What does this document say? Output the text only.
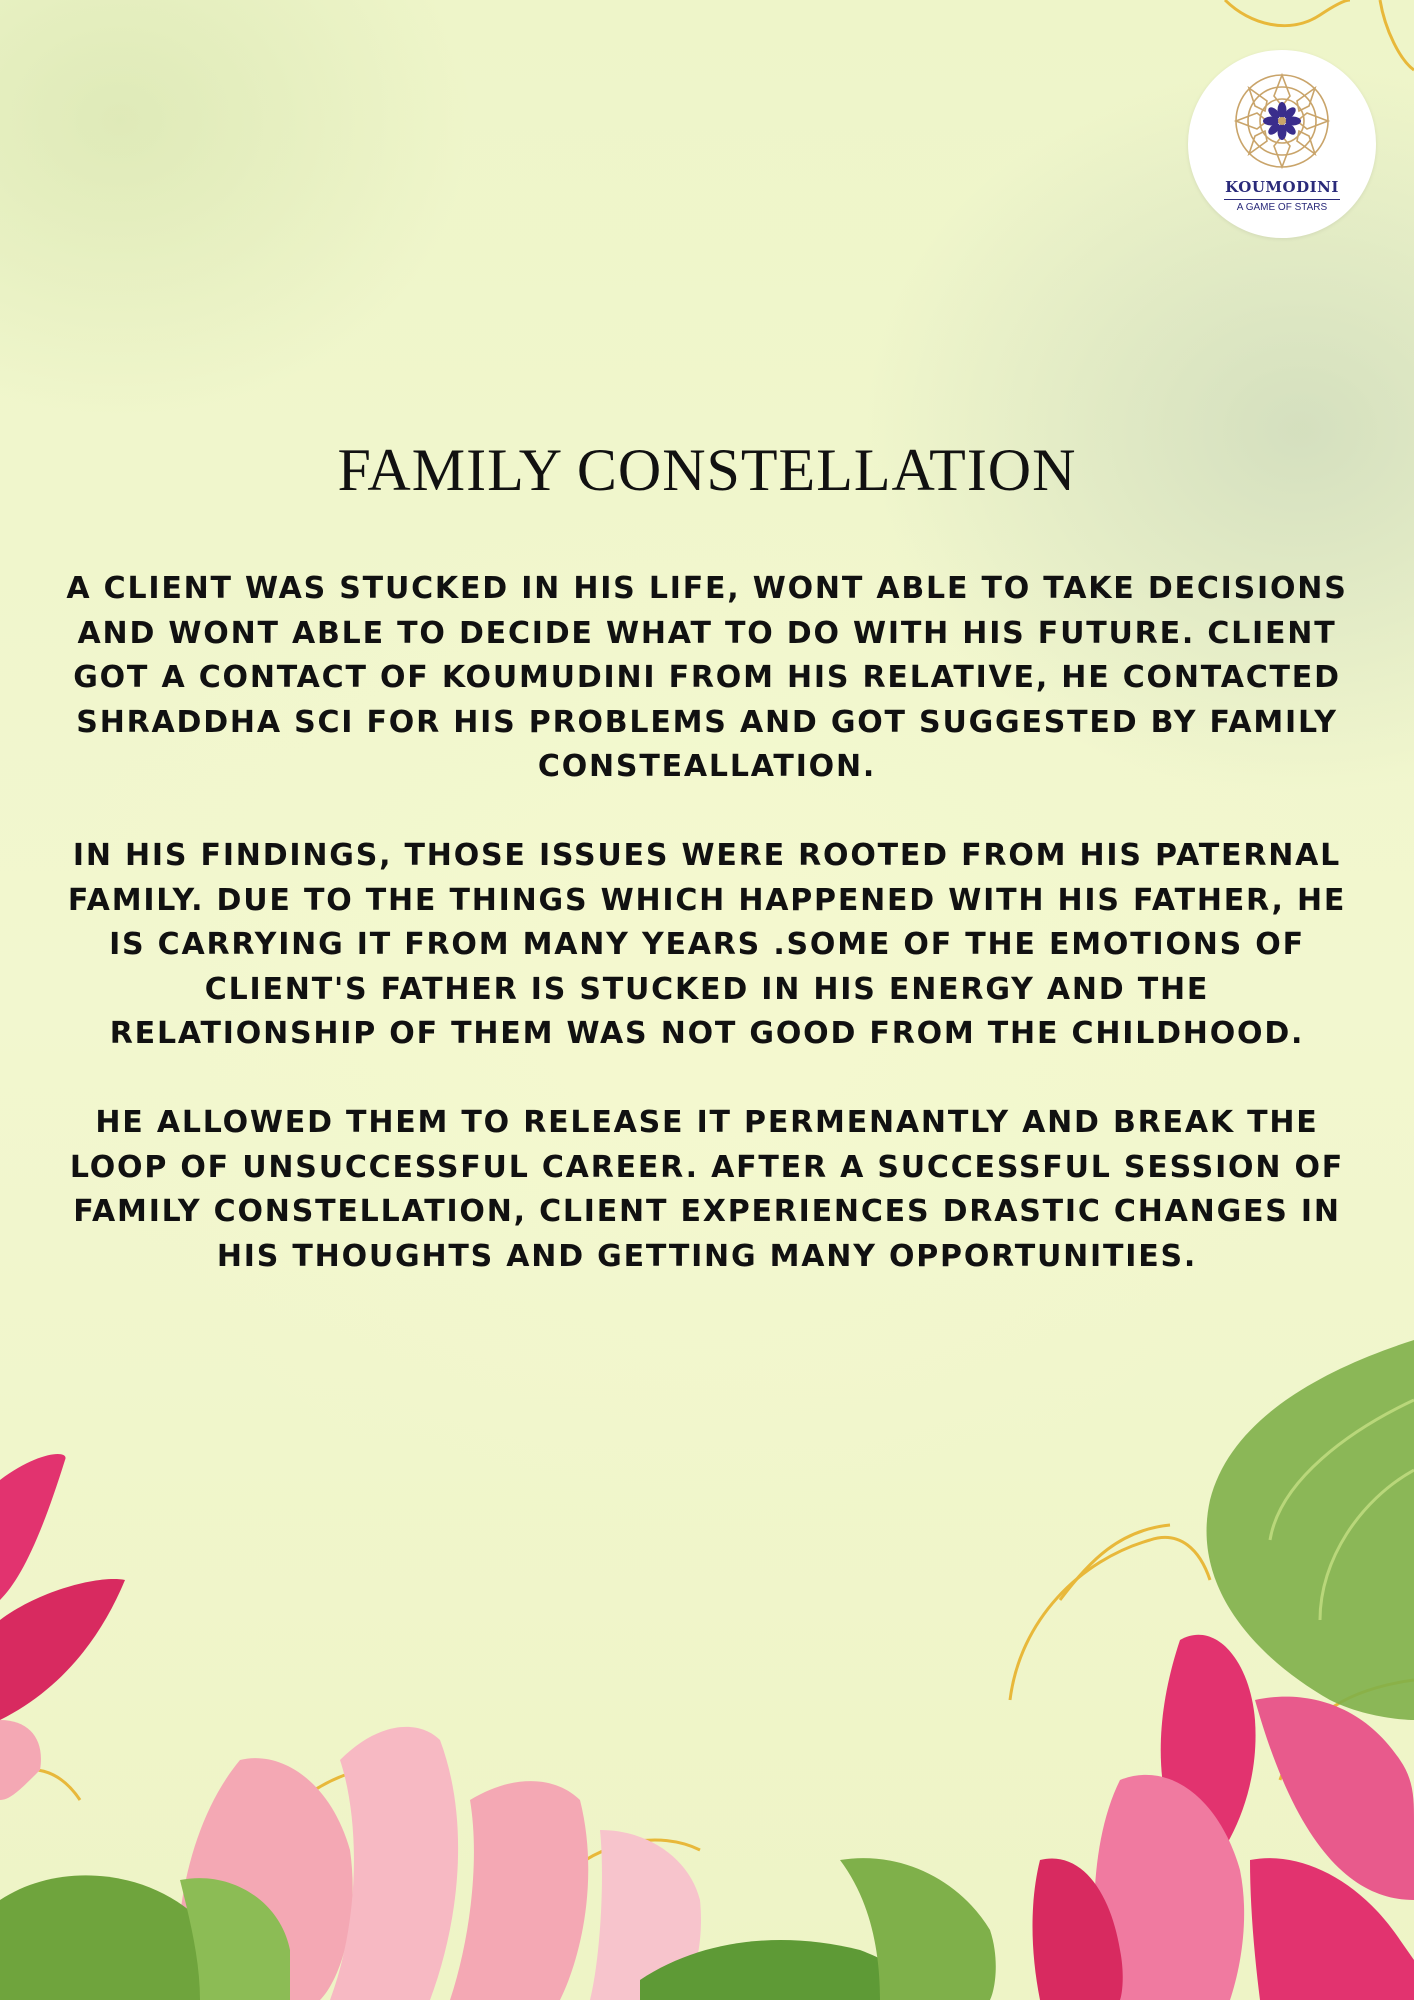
KOUMODINI
A GAME OF STARS
FAMILY CONSTELLATION

A CLIENT WAS STUCKED IN HIS LIFE, WONT ABLE TO TAKE DECISIONS AND WONT ABLE TO DECIDE WHAT TO DO WITH HIS FUTURE. CLIENT GOT A CONTACT OF KOUMUDINI FROM HIS RELATIVE, HE CONTACTED SHRADDHA SCI FOR HIS PROBLEMS AND GOT SUGGESTED BY FAMILY CONSTEALLATION.

IN HIS FINDINGS, THOSE ISSUES WERE ROOTED FROM HIS PATERNAL FAMILY. DUE TO THE THINGS WHICH HAPPENED WITH HIS FATHER, HE IS CARRYING IT FROM MANY YEARS .SOME OF THE EMOTIONS OF CLIENT'S FATHER IS STUCKED IN HIS ENERGY AND THE RELATIONSHIP OF THEM WAS NOT GOOD FROM THE CHILDHOOD.

HE ALLOWED THEM TO RELEASE IT PERMENANTLY AND BREAK THE LOOP OF UNSUCCESSFUL CAREER. AFTER A SUCCESSFUL SESSION OF FAMILY CONSTELLATION, CLIENT EXPERIENCES DRASTIC CHANGES IN HIS THOUGHTS AND GETTING MANY OPPORTUNITIES.
